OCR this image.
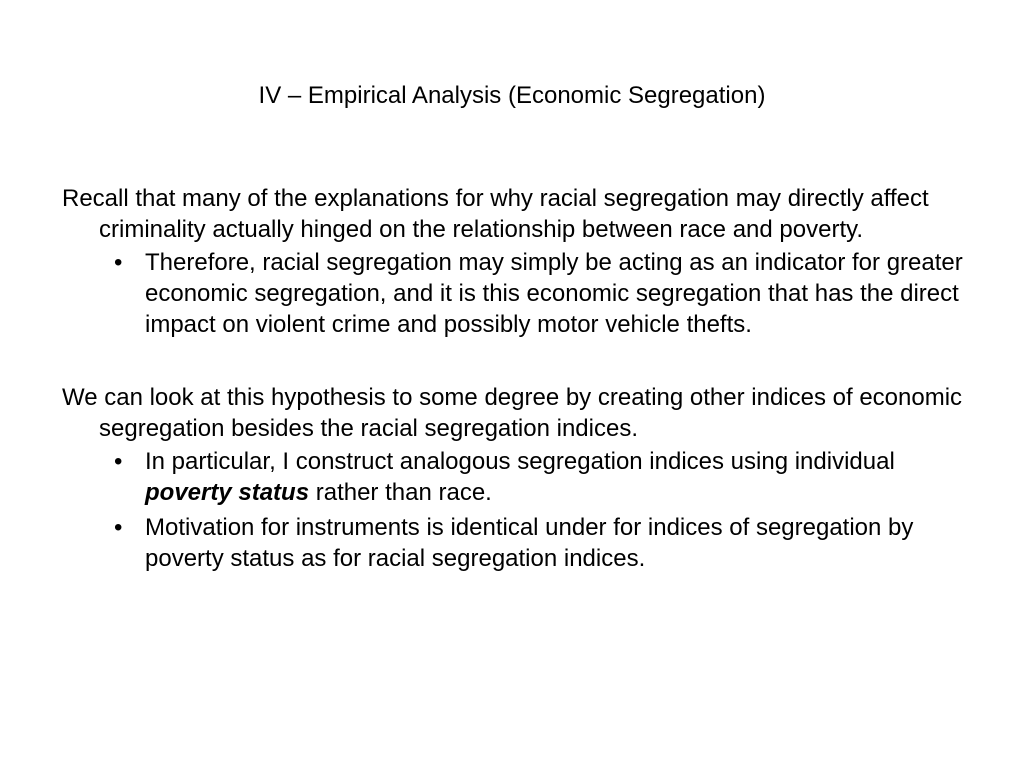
IV – Empirical Analysis (Economic Segregation)

Recall that many of the explanations for why racial segregation may directly affect criminality actually hinged on the relationship between race and poverty.

• Therefore, racial segregation may simply be acting as an indicator for greater economic segregation, and it is this economic segregation that has the direct impact on violent crime and possibly motor vehicle thefts.

We can look at this hypothesis to some degree by creating other indices of economic segregation besides the racial segregation indices.

• In particular, I construct analogous segregation indices using individual poverty status rather than race.
• Motivation for instruments is identical under for indices of segregation by poverty status as for racial segregation indices.
